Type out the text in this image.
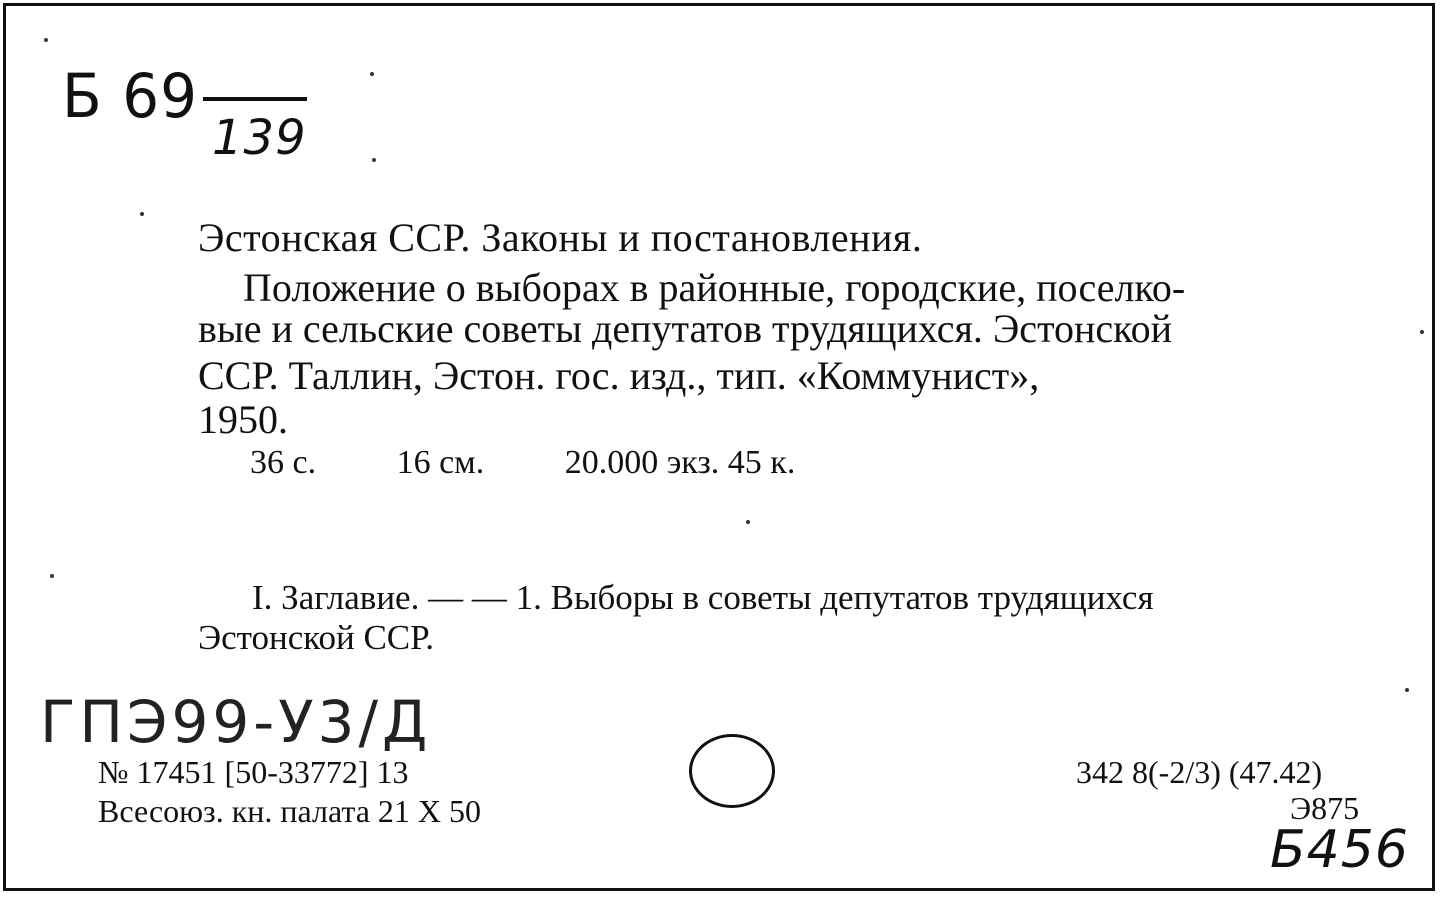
Б 69
139
Эстонская ССР. Законы и постановления.
Положение о выборах в районные, городские, поселко-
вые и сельские советы депутатов трудящихся. Эстонской
ССР. Таллин, Эстон. гос. изд., тип. «Коммунист»,
1950.
36 с. 16 см. 20.000 экз. 45 к.
I. Заглавие. — — 1. Выборы в советы депутатов трудящихся
Эстонской ССР.
ГПЭ99-У3/Д
№ 17451 [50-33772] 13
Всесоюз. кн. палата 21 X 50
342 8(-2/3) (47.42)
Э875
Б456
